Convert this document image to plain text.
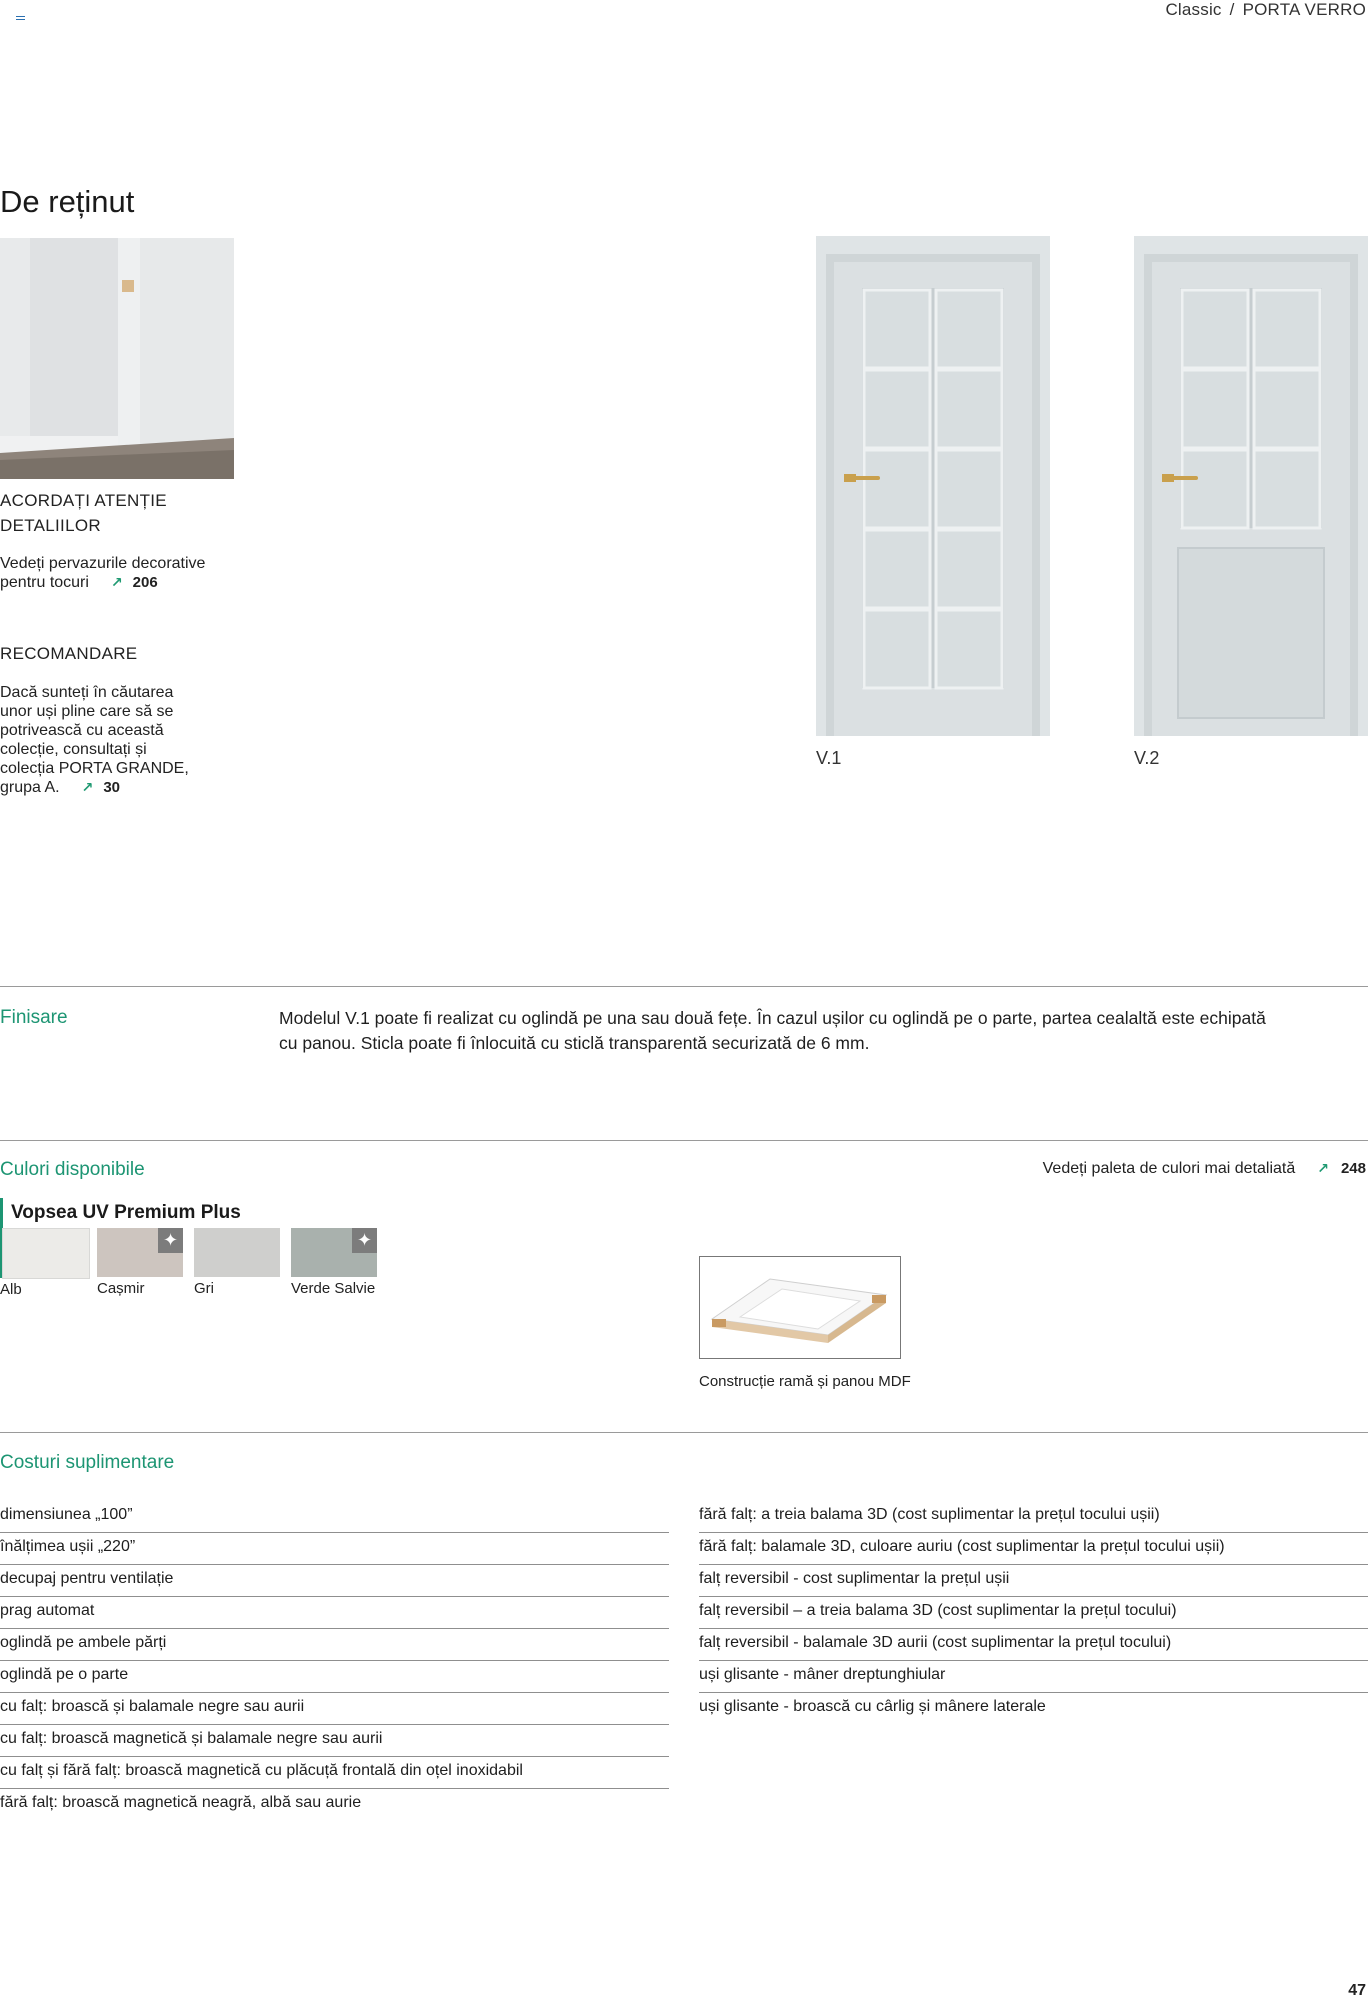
Classic / PORTA VERRO
De reținut
ACORDAȚI ATENȚIE
DETALIILOR
Vedeți pervazurile decorative
pentru tocuri ↗ 206
RECOMANDARE
Dacă sunteți în căutarea
unor uși pline care să se
potrivească cu această
colecție, consultați și
colecția PORTA GRANDE,
grupa A. ↗ 30
V.1	V.2
Finisare	Modelul V.1 poate fi realizat cu oglindă pe una sau două fețe. În cazul ușilor cu oglindă pe o parte, partea cealaltă este echipată
cu panou. Sticla poate fi înlocuită cu sticlă transparentă securizată de 6 mm.
Culori disponibile	Vedeți paleta de culori mai detaliată ↗ 248
Vopsea UV Premium Plus
✦	✦
Alb	Cașmir	Gri	Verde Salvie
Construcție ramă și panou MDF
Costuri suplimentare
dimensiunea „100”
înălțimea ușii „220”
decupaj pentru ventilație
prag automat
oglindă pe ambele părți
oglindă pe o parte
cu falț: broască și balamale negre sau aurii
cu falț: broască magnetică și balamale negre sau aurii
cu falț și fără falț: broască magnetică cu plăcuță frontală din oțel inoxidabil
fără falț: broască magnetică neagră, albă sau aurie
fără falț: a treia balama 3D (cost suplimentar la prețul tocului ușii)
fără falț: balamale 3D, culoare auriu (cost suplimentar la prețul tocului ușii)
falț reversibil - cost suplimentar la prețul ușii
falț reversibil – a treia balama 3D (cost suplimentar la prețul tocului)
falț reversibil - balamale 3D aurii (cost suplimentar la prețul tocului)
uși glisante - mâner dreptunghiular
uși glisante - broască cu cârlig și mânere laterale
47
